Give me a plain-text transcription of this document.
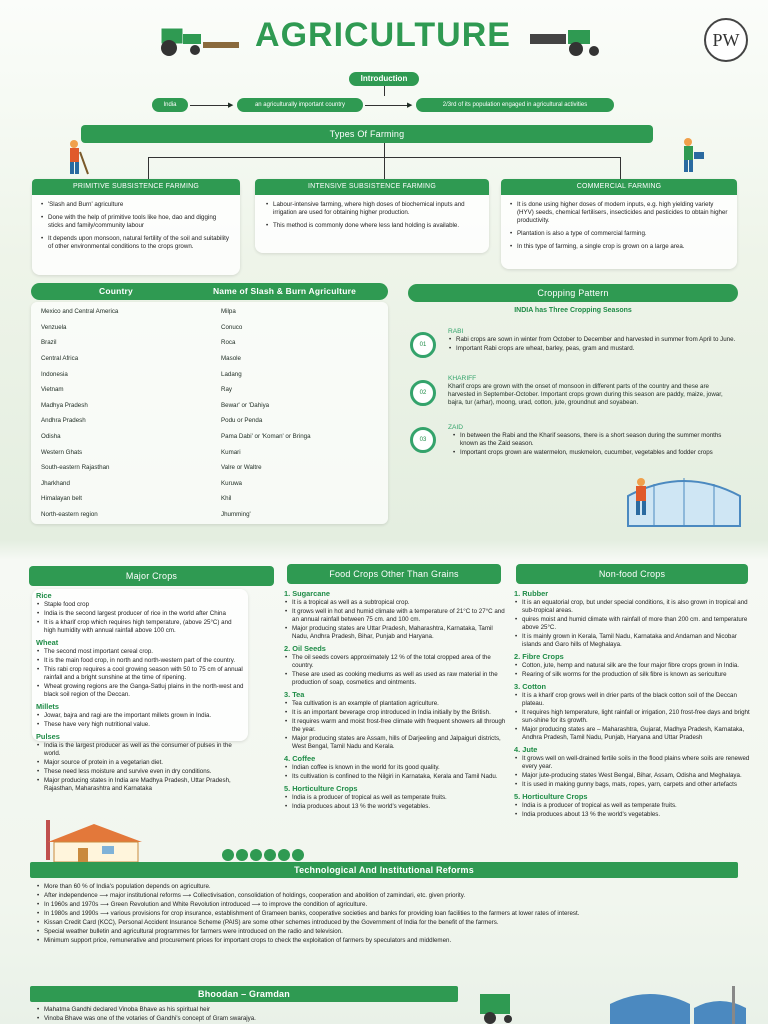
AGRICULTURE	PW
Introduction
India	▶	an agriculturally important country	▶	2/3rd of its population engaged in agricultural activities
Types Of Farming
PRIMITIVE SUBSISTENCE FARMING
• 'Slash and Burn' agriculture
• Done with the help of primitive tools like hoe, dao and digging sticks and family/community labour
• It depends upon monsoon, natural fertility of the soil and suitability of other environmental conditions to the crops grown.
INTENSIVE SUBSISTENCE FARMING
• Labour-intensive farming, where high doses of biochemical inputs and irrigation are used for obtaining higher production.
• This method is commonly done where less land holding is available.
COMMERCIAL FARMING
• It is done using higher doses of modern inputs, e.g. high yielding variety (HYV) seeds, chemical fertilisers, insecticides and pesticides to obtain higher productivity.
• Plantation is also a type of commercial farming.
• In this type of farming, a single crop is grown on a large area.
Country	Name of Slash & Burn Agriculture
Mexico and Central America	Milpa
Venzuela	Conuco
Brazil	Roca
Central Africa	Masole
Indonesia	Ladang
Vietnam	Ray
Madhya Pradesh	Bewar' or 'Dahiya
Andhra Pradesh	Podu or Penda
Odisha	Pama Dabi' or 'Koman' or Bringa
Western Ghats	Kumari
South-eastern Rajasthan	Valre or Waltre
Jharkhand	Kuruwa
Himalayan belt	Khil
North-eastern region	Jhumming'
Cropping Pattern
INDIA has Three Cropping Seasons
01
RABI
• Rabi crops are sown in winter from October to December and harvested in summer from April to June.
• Important Rabi crops are wheat, barley, peas, gram and mustard.
02
KHARIFF
Kharif crops are grown with the onset of monsoon in different parts of the country and these are harvested in September-October. Important crops grown during this season are paddy, maize, jowar, bajra, tur (arhar), moong, urad, cotton, jute, groundnut and soyabean.
03
ZAID
• In between the Rabi and the Kharif seasons, there is a short season during the summer months known as the Zaid season.
• Important crops grown are watermelon, muskmelon, cucumber, vegetables and fodder crops
Major Crops
Rice
• Staple food crop
• India is the second largest producer of rice in the world after China
• It is a kharif crop which requires high temperature, (above 25°C) and high humidity with annual rainfall above 100 cm.
Wheat
• The second most important cereal crop.
• It is the main food crop, in north and north-western part of the country.
• This rabi crop requires a cool growing season with 50 to 75 cm of annual rainfall and a bright sunshine at the time of ripening.
• Wheat growing regions are the Ganga-Satluj plains in the north-west and black soil region of the Deccan.
Millets
• Jowar, bajra and ragi are the important millets grown in India.
• These have very high nutritional value.
Pulses
• India is the largest producer as well as the consumer of pulses in the world.
• Major source of protein in a vegetarian diet.
• These need less moisture and survive even in dry conditions.
• Major producing states in India are Madhya Pradesh, Uttar Pradesh, Rajasthan, Maharashtra and Karnataka
Food Crops Other Than Grains
1. Sugarcane
• It is a tropical as well as a subtropical crop.
• It grows well in hot and humid climate with a temperature of 21°C to 27°C and an annual rainfall between 75 cm. and 100 cm.
• Major producing states are Uttar Pradesh, Maharashtra, Karnataka, Tamil Nadu, Andhra Pradesh, Bihar, Punjab and Haryana.
2. Oil Seeds
• The oil seeds covers approximately 12 % of the total cropped area of the country.
• These are used as cooking mediums as well as used as raw material in the production of soap, cosmetics and ointments.
3. Tea
• Tea cultivation is an example of plantation agriculture.
• It is an important beverage crop introduced in India initially by the British.
• It requires warm and moist frost-free climate with frequent showers all through the year.
• Major producing states are Assam, hills of Darjeeling and Jalpaiguri districts, West Bengal, Tamil Nadu and Kerala.
4. Coffee
• Indian coffee is known in the world for its good quality.
• Its cultivation is confined to the Nilgiri in Karnataka, Kerala and Tamil Nadu.
5. Horticulture Crops
• India is a producer of tropical as well as temperate fruits.
• India produces about 13 % the world's vegetables.
Non-food Crops
1. Rubber
• It is an equatorial crop, but under special conditions, it is also grown in tropical and sub-tropical areas.
• quires moist and humid climate with rainfall of more than 200 cm. and temperature above 25°C.
• It is mainly grown in Kerala, Tamil Nadu, Karnataka and Andaman and Nicobar islands and Garo hills of Meghalaya.
2. Fibre Crops
• Cotton, jute, hemp and natural silk are the four major fibre crops grown in India.
• Rearing of silk worms for the production of silk fibre is known as sericulture
3. Cotton
• It is a kharif crop grows well in drier parts of the black cotton soil of the Deccan plateau.
• It requires high temperature, light rainfall or irrigation, 210 frost-free days and bright sun-shine for its growth.
• Major producing states are – Maharashtra, Gujarat, Madhya Pradesh, Karnataka, Andhra Pradesh, Tamil Nadu, Punjab, Haryana and Uttar Pradesh
4. Jute
• It grows well on well-drained fertile soils in the flood plains where soils are renewed every year.
• Major jute-producing states West Bengal, Bihar, Assam, Odisha and Meghalaya.
• It is used in making gunny bags, mats, ropes, yarn, carpets and other artefacts
5. Horticulture Crops
• India is a producer of tropical as well as temperate fruits.
• India produces about 13 % the world's vegetables.
Technological And Institutional Reforms
• More than 60 % of India's population depends on agriculture.
• After independence ⟶ major institutional reforms ⟶ Collectivisation, consolidation of holdings, cooperation and abolition of zamindari, etc. given priority.
• In 1960s and 1970s ⟶ Green Revolution and White Revolution introduced ⟶ to improve the condition of agriculture.
• In 1980s and 1990s ⟶ various provisions for crop insurance, establishment of Grameen banks, cooperative societies and banks for providing loan facilities to the farmers at lower rates of interest.
• Kissan Credit Card (KCC), Personal Accident Insurance Scheme (PAIS) are some other schemes introduced by the Government of India for the benefit of the farmers.
• Special weather bulletin and agricultural programmes for farmers were introduced on the radio and television.
• Minimum support price, remunerative and procurement prices for important crops to check the exploitation of farmers by speculators and middlemen.
Bhoodan – Gramdan
• Mahatma Gandhi declared Vinoba Bhave as his spiritual heir
• Vinoba Bhave was one of the votaries of Gandhi's concept of Gram swarajya.
